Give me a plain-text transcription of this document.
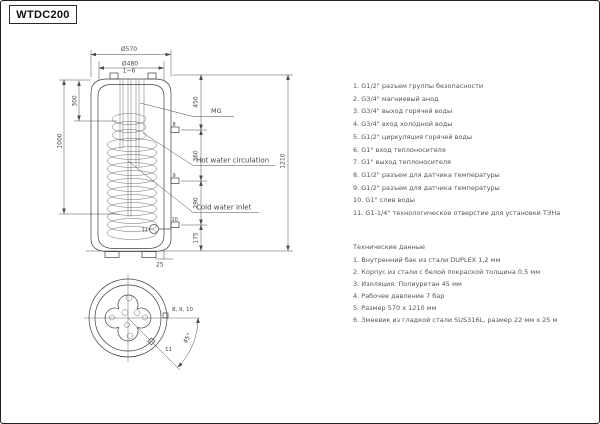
WTDC200
8
9
10
11
Ø570
Ø480
1~6
300
1000
450
360
290
175
25
1210
MG
Hot water circulation
Cold water inlet
8, 9, 10
11
45°
1. G1/2" разъем группы безопасности
2. G3/4" магниевый анод
3. G3/4" выход горячей воды
4. G3/4" вход холодной воды
5. G1/2" циркуляция горячей воды
6. G1" вход теплоносителя
7. G1" выход теплоносителя
8. G1/2" разъем для датчика температуры
9. G1/2" разъем для датчика температуры
10. G1" слив воды
11. G1-1/4" технологическое отверстие для установки ТЭНа
Технические данные
1. Внутренний бак из стали DUPLEX 1,2 мм
2. Корпус из стали с белой покраской толщина 0,5 мм
3. Изоляция. Полиуретан 45 мм
4. Рабочее давление 7 бар
5. Размер 570 х 1210 мм
6. Змеевик из гладкой стали SUS316L, размер 22 мм х 25 м
